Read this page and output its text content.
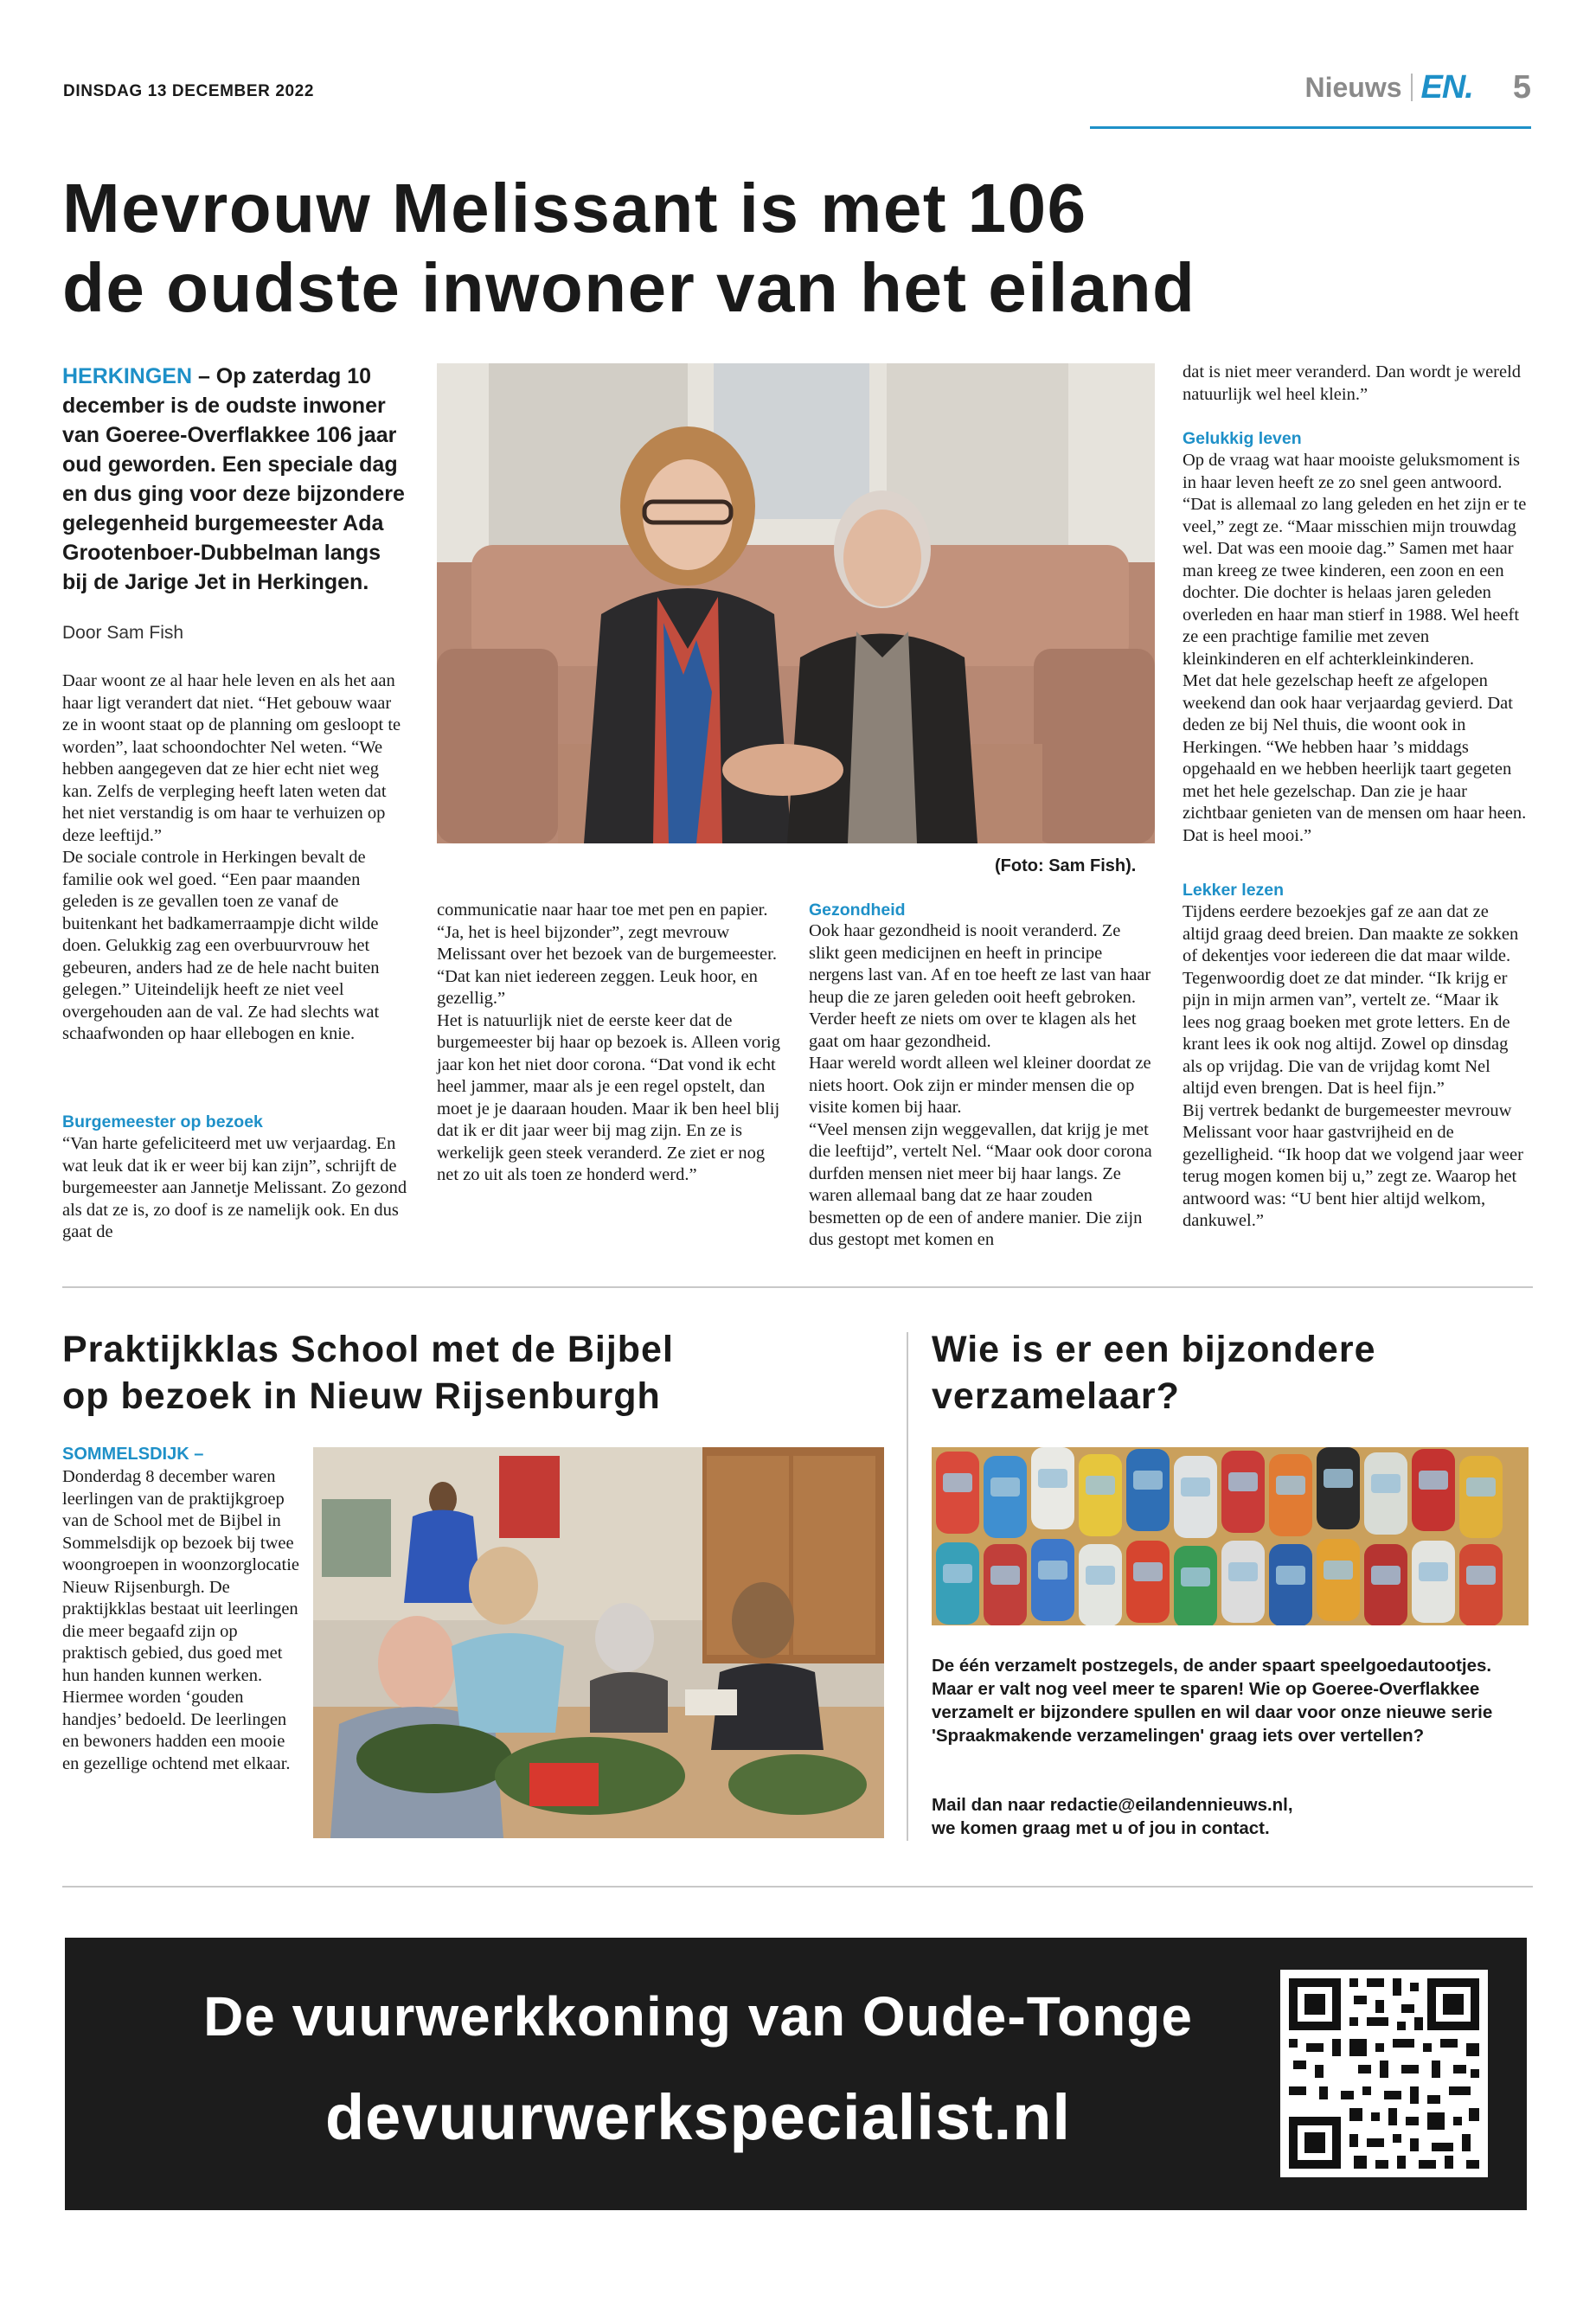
DINSDAG 13 DECEMBER 2022	Nieuws EN. 5
Mevrouw Melissant is met 106
de oudste inwoner van het eiland

HERKINGEN – Op zaterdag 10 december is de oudste inwoner van Goeree-Overflakkee 106 jaar oud geworden. Een speciale dag en dus ging voor deze bijzondere gelegenheid burgemeester Ada Grootenboer-Dubbelman langs bij de Jarige Jet in Herkingen.

Door Sam Fish

Daar woont ze al haar hele leven en als het aan haar ligt verandert dat niet. “Het gebouw waar ze in woont staat op de planning om gesloopt te worden”, laat schoondochter Nel weten. “We hebben aangegeven dat ze hier echt niet weg kan. Zelfs de verpleging heeft laten weten dat het niet verstandig is om haar te verhuizen op deze leeftijd.”

De sociale controle in Herkingen bevalt de familie ook wel goed. “Een paar maanden geleden is ze gevallen toen ze vanaf de buitenkant het badkamerraampje dicht wilde doen. Gelukkig zag een overbuurvrouw het gebeuren, anders had ze de hele nacht buiten gelegen.” Uiteindelijk heeft ze niet veel overgehouden aan de val. Ze had slechts wat schaafwonden op haar ellebogen en knie.

Burgemeester op bezoek

“Van harte gefeliciteerd met uw verjaardag. En wat leuk dat ik er weer bij kan zijn”, schrijft de burgemeester aan Jannetje Melissant. Zo gezond als dat ze is, zo doof is ze namelijk ook. En dus gaat de

(Foto: Sam Fish).

communicatie naar haar toe met pen en papier. “Ja, het is heel bijzonder”, zegt mevrouw Melissant over het bezoek van de burgemeester. “Dat kan niet iedereen zeggen. Leuk hoor, en gezellig.”

Het is natuurlijk niet de eerste keer dat de burgemeester bij haar op bezoek is. Alleen vorig jaar kon het niet door corona. “Dat vond ik echt heel jammer, maar als je een regel opstelt, dan moet je je daaraan houden. Maar ik ben heel blij dat ik er dit jaar weer bij mag zijn. En ze is werkelijk geen steek veranderd. Ze ziet er nog net zo uit als toen ze honderd werd.”

Gezondheid

Ook haar gezondheid is nooit veranderd. Ze slikt geen medicijnen en heeft in principe nergens last van. Af en toe heeft ze last van haar heup die ze jaren geleden ooit heeft gebroken. Verder heeft ze niets om over te klagen als het gaat om haar gezondheid.

Haar wereld wordt alleen wel kleiner doordat ze niets hoort. Ook zijn er minder mensen die op visite komen bij haar.

“Veel mensen zijn weggevallen, dat krijg je met die leeftijd”, vertelt Nel. “Maar ook door corona durfden mensen niet meer bij haar langs. Ze waren allemaal bang dat ze haar zouden besmetten op de een of andere manier. Die zijn dus gestopt met komen en

dat is niet meer veranderd. Dan wordt je wereld natuurlijk wel heel klein.”

Gelukkig leven

Op de vraag wat haar mooiste geluksmoment is in haar leven heeft ze zo snel geen antwoord. “Dat is allemaal zo lang geleden en het zijn er te veel,” zegt ze. “Maar misschien mijn trouwdag wel. Dat was een mooie dag.” Samen met haar man kreeg ze twee kinderen, een zoon en een dochter. Die dochter is helaas jaren geleden overleden en haar man stierf in 1988. Wel heeft ze een prachtige familie met zeven kleinkinderen en elf achterkleinkinderen.

Met dat hele gezelschap heeft ze afgelopen weekend dan ook haar verjaardag gevierd. Dat deden ze bij Nel thuis, die woont ook in Herkingen. “We hebben haar ’s middags opgehaald en we hebben heerlijk taart gegeten met het hele gezelschap. Dan zie je haar zichtbaar genieten van de mensen om haar heen. Dat is heel mooi.”

Lekker lezen

Tijdens eerdere bezoekjes gaf ze aan dat ze altijd graag deed breien. Dan maakte ze sokken of dekentjes voor iedereen die dat maar wilde. Tegenwoordig doet ze dat minder. “Ik krijg er pijn in mijn armen van”, vertelt ze. “Maar ik lees nog graag boeken met grote letters. En de krant lees ik ook nog altijd. Zowel op dinsdag als op vrijdag. Die van de vrijdag komt Nel altijd even brengen. Dat is heel fijn.”

Bij vertrek bedankt de burgemeester mevrouw Melissant voor haar gastvrijheid en de gezelligheid. “Ik hoop dat we volgend jaar weer terug mogen komen bij u,” zegt ze. Waarop het antwoord was: “U bent hier altijd welkom, dankuwel.”

Praktijkklas School met de Bijbel
op bezoek in Nieuw Rijsenburgh

SOMMELSDIJK –

Donderdag 8 december waren leerlingen van de praktijkgroep van de School met de Bijbel in Sommelsdijk op bezoek bij twee woongroepen in woonzorglocatie Nieuw Rijsenburgh. De praktijkklas bestaat uit leerlingen die meer begaafd zijn op praktisch gebied, dus goed met hun handen kunnen werken. Hiermee worden ‘gouden handjes’ bedoeld. De leerlingen en bewoners hadden een mooie en gezellige ochtend met elkaar.

Wie is er een bijzondere
verzamelaar?

De één verzamelt postzegels, de ander spaart speelgoedautootjes. Maar er valt nog veel meer te sparen! Wie op Goeree-Overflakkee verzamelt er bijzondere spullen en wil daar voor onze nieuwe serie 'Spraakmakende verzamelingen' graag iets over vertellen?

Mail dan naar redactie@eilandennieuws.nl,

we komen graag met u of jou in contact.

De vuurwerkkoning van Oude-Tonge

devuurwerkspecialist.nl
